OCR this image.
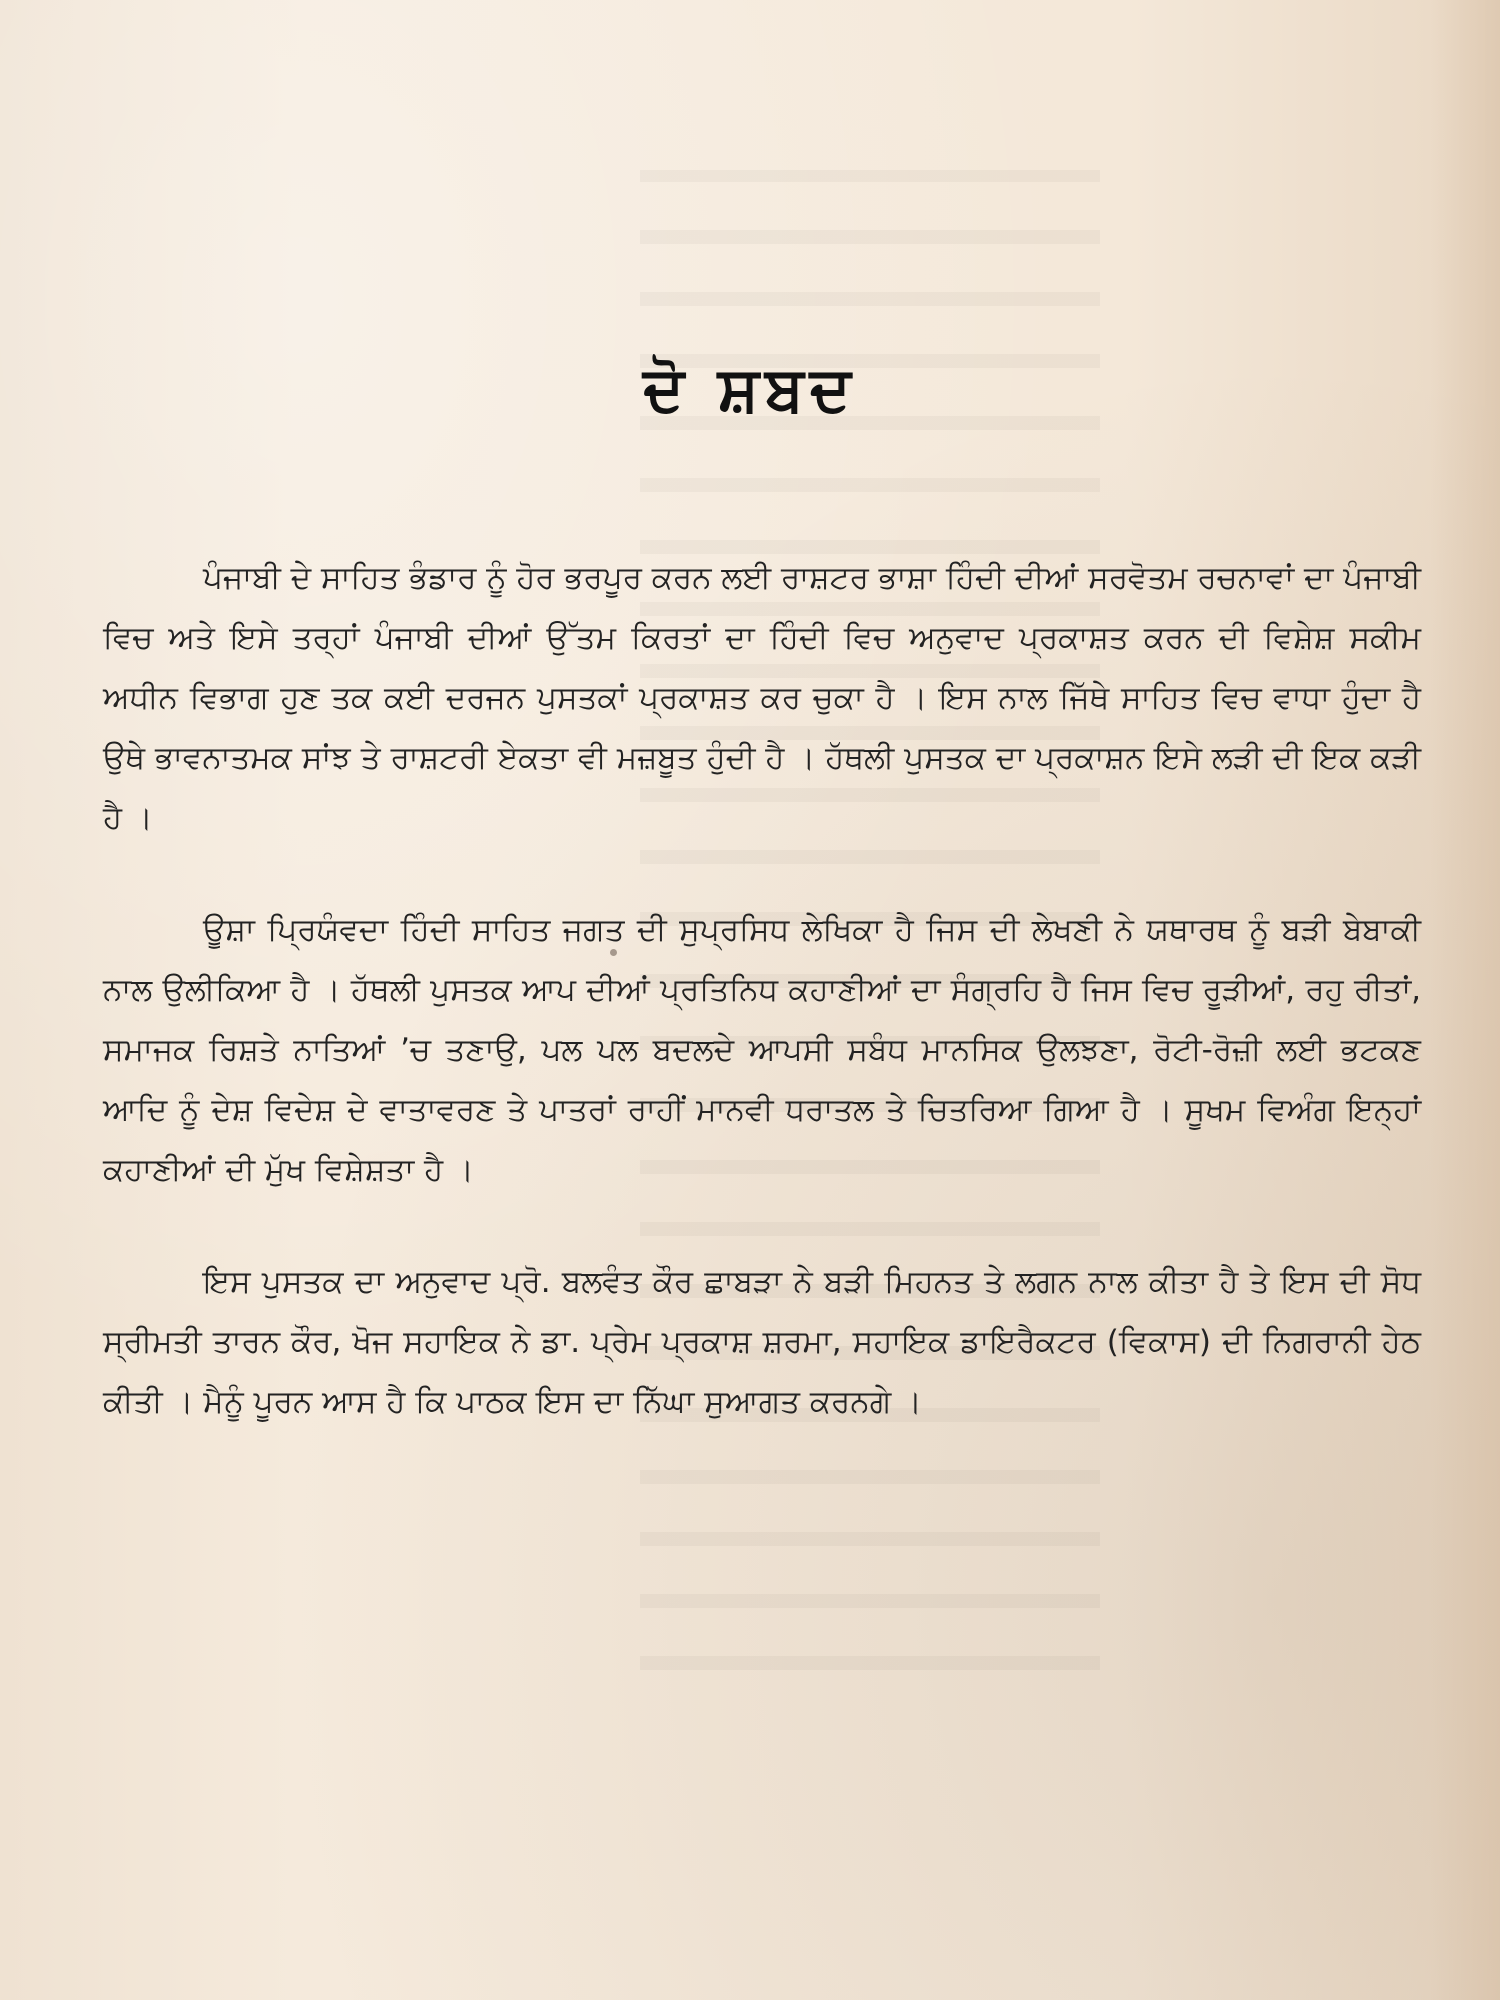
ਦੋ ਸ਼ਬਦ

ਪੰਜਾਬੀ ਦੇ ਸਾਹਿਤ ਭੰਡਾਰ ਨੂੰ ਹੋਰ ਭਰਪੂਰ ਕਰਨ ਲਈ ਰਾਸ਼ਟਰ ਭਾਸ਼ਾ ਹਿੰਦੀ ਦੀਆਂ ਸਰਵੋਤਮ ਰਚਨਾਵਾਂ ਦਾ ਪੰਜਾਬੀ ਵਿਚ ਅਤੇ ਇਸੇ ਤਰ੍ਹਾਂ ਪੰਜਾਬੀ ਦੀਆਂ ਉੱਤਮ ਕਿਰਤਾਂ ਦਾ ਹਿੰਦੀ ਵਿਚ ਅਨੁਵਾਦ ਪ੍ਰਕਾਸ਼ਤ ਕਰਨ ਦੀ ਵਿਸ਼ੇਸ਼ ਸਕੀਮ ਅਧੀਨ ਵਿਭਾਗ ਹੁਣ ਤਕ ਕਈ ਦਰਜਨ ਪੁਸਤਕਾਂ ਪ੍ਰਕਾਸ਼ਤ ਕਰ ਚੁਕਾ ਹੈ । ਇਸ ਨਾਲ ਜਿੱਥੇ ਸਾਹਿਤ ਵਿਚ ਵਾਧਾ ਹੁੰਦਾ ਹੈ ਉਥੇ ਭਾਵਨਾਤਮਕ ਸਾਂਝ ਤੇ ਰਾਸ਼ਟਰੀ ਏਕਤਾ ਵੀ ਮਜ਼ਬੂਤ ਹੁੰਦੀ ਹੈ । ਹੱਥਲੀ ਪੁਸਤਕ ਦਾ ਪ੍ਰਕਾਸ਼ਨ ਇਸੇ ਲੜੀ ਦੀ ਇਕ ਕੜੀ ਹੈ ।

ਊਸ਼ਾ ਪ੍ਰਿਯੰਵਦਾ ਹਿੰਦੀ ਸਾਹਿਤ ਜਗਤ ਦੀ ਸੁਪ੍ਰਸਿਧ ਲੇਖਿਕਾ ਹੈ ਜਿਸ ਦੀ ਲੇਖਣੀ ਨੇ ਯਥਾਰਥ ਨੂੰ ਬੜੀ ਬੇਬਾਕੀ ਨਾਲ ਉਲੀਕਿਆ ਹੈ । ਹੱਥਲੀ ਪੁਸਤਕ ਆਪ ਦੀਆਂ ਪ੍ਰਤਿਨਿਧ ਕਹਾਣੀਆਂ ਦਾ ਸੰਗ੍ਰਹਿ ਹੈ ਜਿਸ ਵਿਚ ਰੂੜੀਆਂ, ਰਹੁ ਰੀਤਾਂ, ਸਮਾਜਕ ਰਿਸ਼ਤੇ ਨਾਤਿਆਂ ’ਚ ਤਣਾਉ, ਪਲ ਪਲ ਬਦਲਦੇ ਆਪਸੀ ਸਬੰਧ ਮਾਨਸਿਕ ਉਲਝਣਾ, ਰੋਟੀ-ਰੋਜ਼ੀ ਲਈ ਭਟਕਣ ਆਦਿ ਨੂੰ ਦੇਸ਼ ਵਿਦੇਸ਼ ਦੇ ਵਾਤਾਵਰਣ ਤੇ ਪਾਤਰਾਂ ਰਾਹੀਂ ਮਾਨਵੀ ਧਰਾਤਲ ਤੇ ਚਿਤਰਿਆ ਗਿਆ ਹੈ । ਸੂਖਮ ਵਿਅੰਗ ਇਨ੍ਹਾਂ ਕਹਾਣੀਆਂ ਦੀ ਮੁੱਖ ਵਿਸ਼ੇਸ਼ਤਾ ਹੈ ।

ਇਸ ਪੁਸਤਕ ਦਾ ਅਨੁਵਾਦ ਪ੍ਰੋ. ਬਲਵੰਤ ਕੌਰ ਛਾਬੜਾ ਨੇ ਬੜੀ ਮਿਹਨਤ ਤੇ ਲਗਨ ਨਾਲ ਕੀਤਾ ਹੈ ਤੇ ਇਸ ਦੀ ਸੋਧ ਸ੍ਰੀਮਤੀ ਤਾਰਨ ਕੌਰ, ਖੋਜ ਸਹਾਇਕ ਨੇ ਡਾ. ਪ੍ਰੇਮ ਪ੍ਰਕਾਸ਼ ਸ਼ਰਮਾ, ਸਹਾਇਕ ਡਾਇਰੈਕਟਰ (ਵਿਕਾਸ) ਦੀ ਨਿਗਰਾਨੀ ਹੇਠ ਕੀਤੀ । ਮੈਨੂੰ ਪੂਰਨ ਆਸ ਹੈ ਕਿ ਪਾਠਕ ਇਸ ਦਾ ਨਿੱਘਾ ਸੁਆਗਤ ਕਰਨਗੇ ।
